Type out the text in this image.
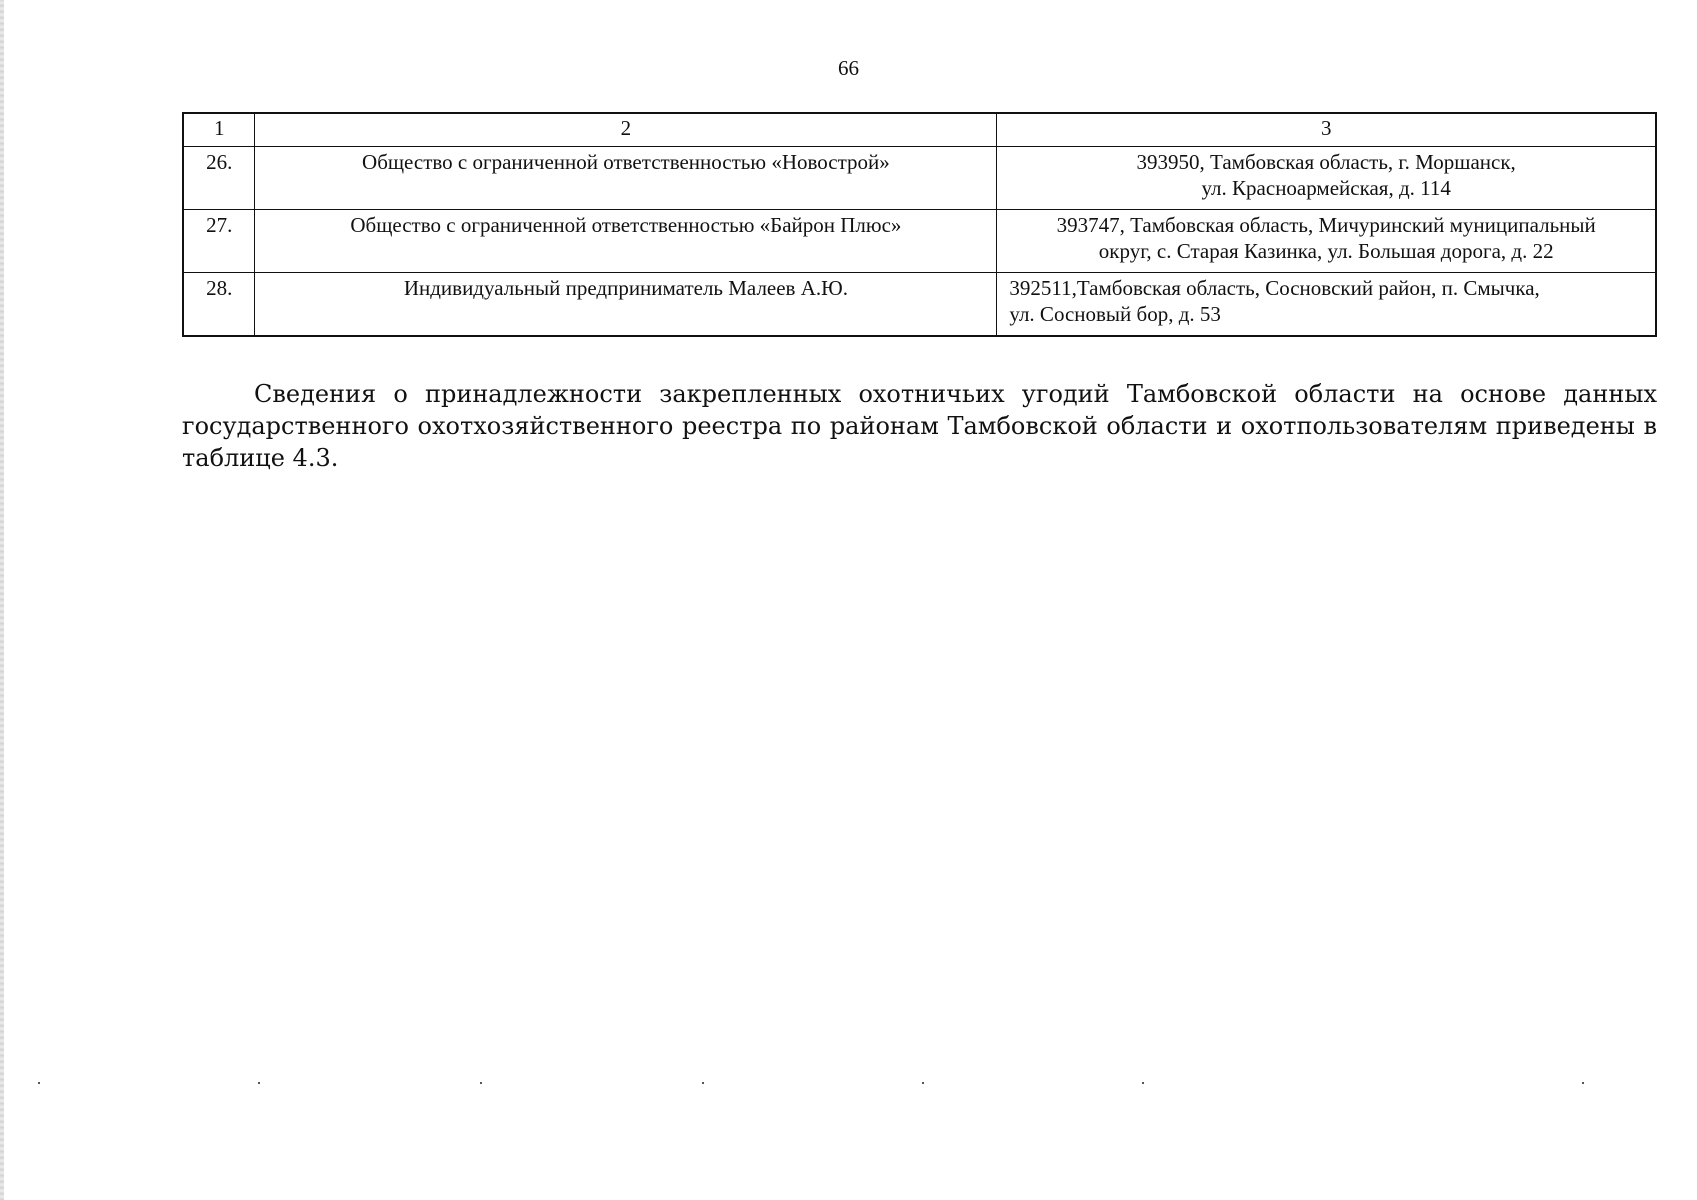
66
1	2	3
26.	Общество с ограниченной ответственностью «Новострой»	393950, Тамбовская область, г. Моршанск,
ул. Красноармейская, д. 114

27.	Общество с ограниченной ответственностью «Байрон Плюс»	393747, Тамбовская область, Мичуринский муниципальный
округ, с. Старая Казинка, ул. Большая дорога, д. 22

28.	Индивидуальный предприниматель Малеев А.Ю.	392511,Тамбовская область, Сосновский район, п. Смычка,
ул. Сосновый бор, д. 53

Сведения о принадлежности закрепленных охотничьих угодий Тамбовской области на основе данных государственного охотхозяйственного реестра по районам Тамбовской области и охотпользователям приведены в таблице 4.3.
